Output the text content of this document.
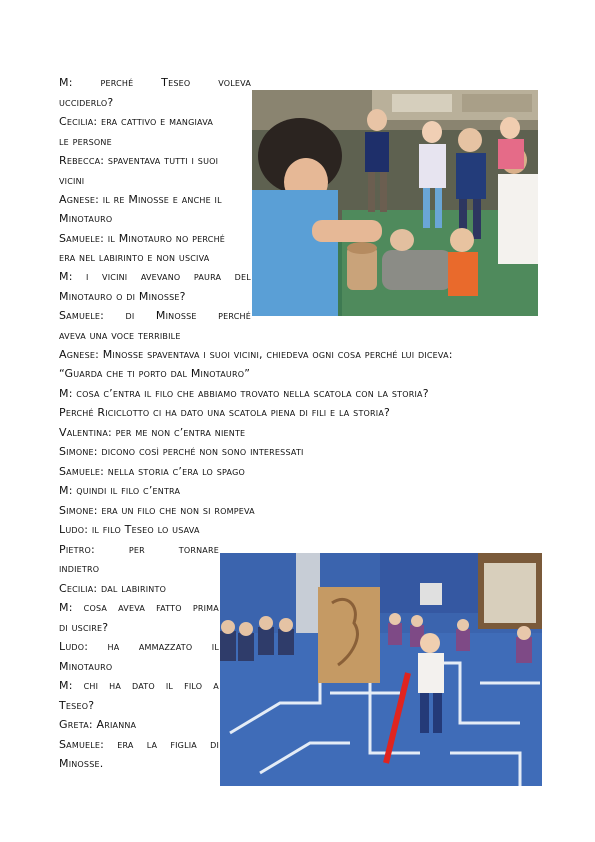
M:	perché	Teseo	voleva
ucciderlo?
Cecilia: era cattivo e mangiava
le persone
Rebecca: spaventava tutti i suoi
vicini
Agnese: il re Minosse e anche il
Minotauro
Samuele: il Minotauro no perché
era nel labirinto e non usciva
M: i vicini avevano paura del
Minotauro o di Minosse?
Samuele: di Minosse perché
aveva una voce terribile
Agnese: Minosse spaventava i suoi vicini, chiedeva ogni cosa perché lui diceva:
“Guarda che ti porto dal Minotauro”
M: cosa c’entra il filo che abbiamo trovato nella scatola con la storia?
Perché Riciclotto ci ha dato una scatola piena di fili e la storia?
Valentina: per me non c’entra niente
Simone: dicono così perché non sono interessati
Samuele: nella storia c’era lo spago
M: quindi il filo c’entra
Simone: era un filo che non si rompeva
Ludo: il filo Teseo lo usava
Pietro:	per	tornare
indietro
Cecilia: dal labirinto
M: cosa aveva fatto prima
di uscire?
Ludo: ha ammazzato il
Minotauro
M: chi ha dato il filo a
Teseo?
Greta: Arianna
Samuele: era la figlia di
Minosse.
